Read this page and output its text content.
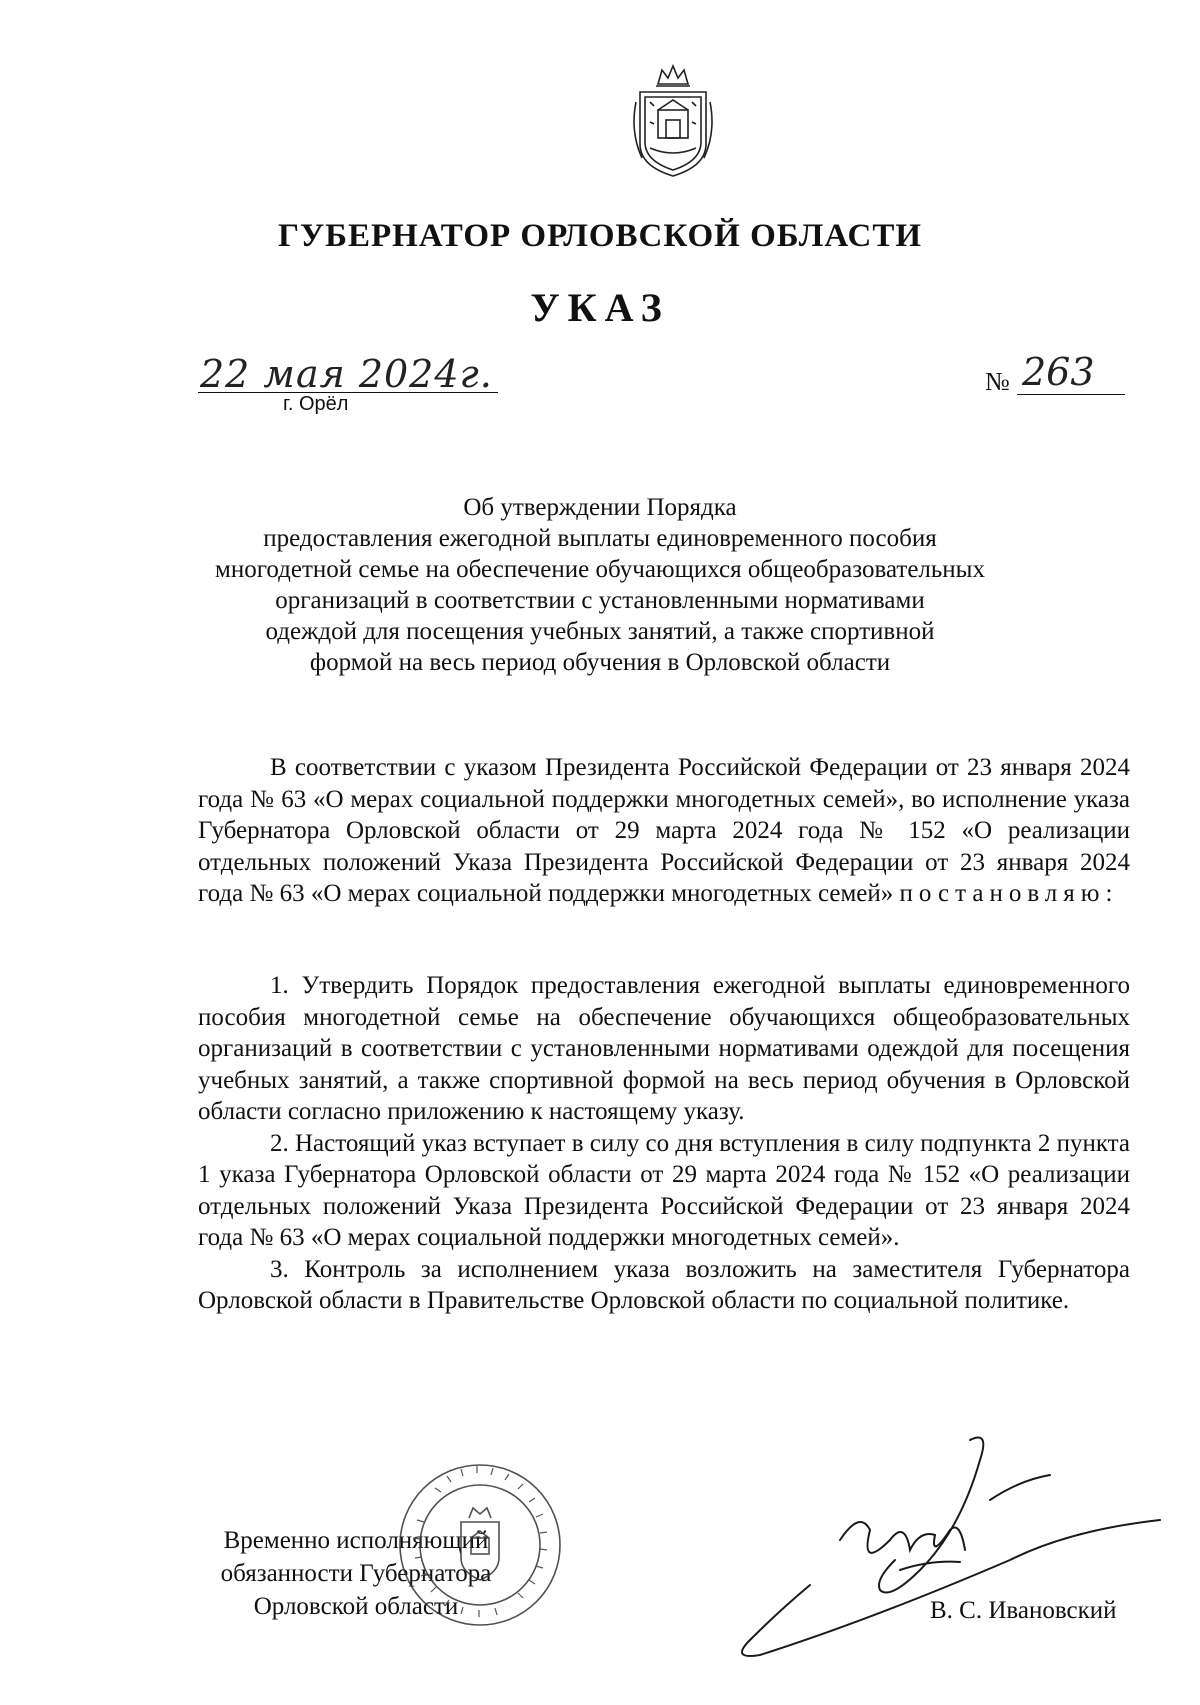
ГУБЕРНАТОР ОРЛОВСКОЙ ОБЛАСТИ
УКАЗ
22 мая 2024г.
г. Орёл
№ 263
Об утверждении Порядка
предоставления ежегодной выплаты единовременного пособия
многодетной семье на обеспечение обучающихся общеобразовательных
организаций в соответствии с установленными нормативами
одеждой для посещения учебных занятий, а также спортивной
формой на весь период обучения в Орловской области
В соответствии с указом Президента Российской Федерации от 23 января 2024 года № 63 «О мерах социальной поддержки многодетных семей», во исполнение указа Губернатора Орловской области от 29 марта 2024 года № 152 «О реализации отдельных положений Указа Президента Российской Федерации от 23 января 2024 года № 63 «О мерах социальной поддержки многодетных семей» постановляю:

1. Утвердить Порядок предоставления ежегодной выплаты единовременного пособия многодетной семье на обеспечение обучающихся общеобразовательных организаций в соответствии с установленными нормативами одеждой для посещения учебных занятий, а также спортивной формой на весь период обучения в Орловской области согласно приложению к настоящему указу.

2. Настоящий указ вступает в силу со дня вступления в силу подпункта 2 пункта 1 указа Губернатора Орловской области от 29 марта 2024 года № 152 «О реализации отдельных положений Указа Президента Российской Федерации от 23 января 2024 года № 63 «О мерах социальной поддержки многодетных семей».

3. Контроль за исполнением указа возложить на заместителя Губернатора Орловской области в Правительстве Орловской области по социальной политике.

Временно исполняющий
обязанности Губернатора
Орловской области	В. С. Ивановский
